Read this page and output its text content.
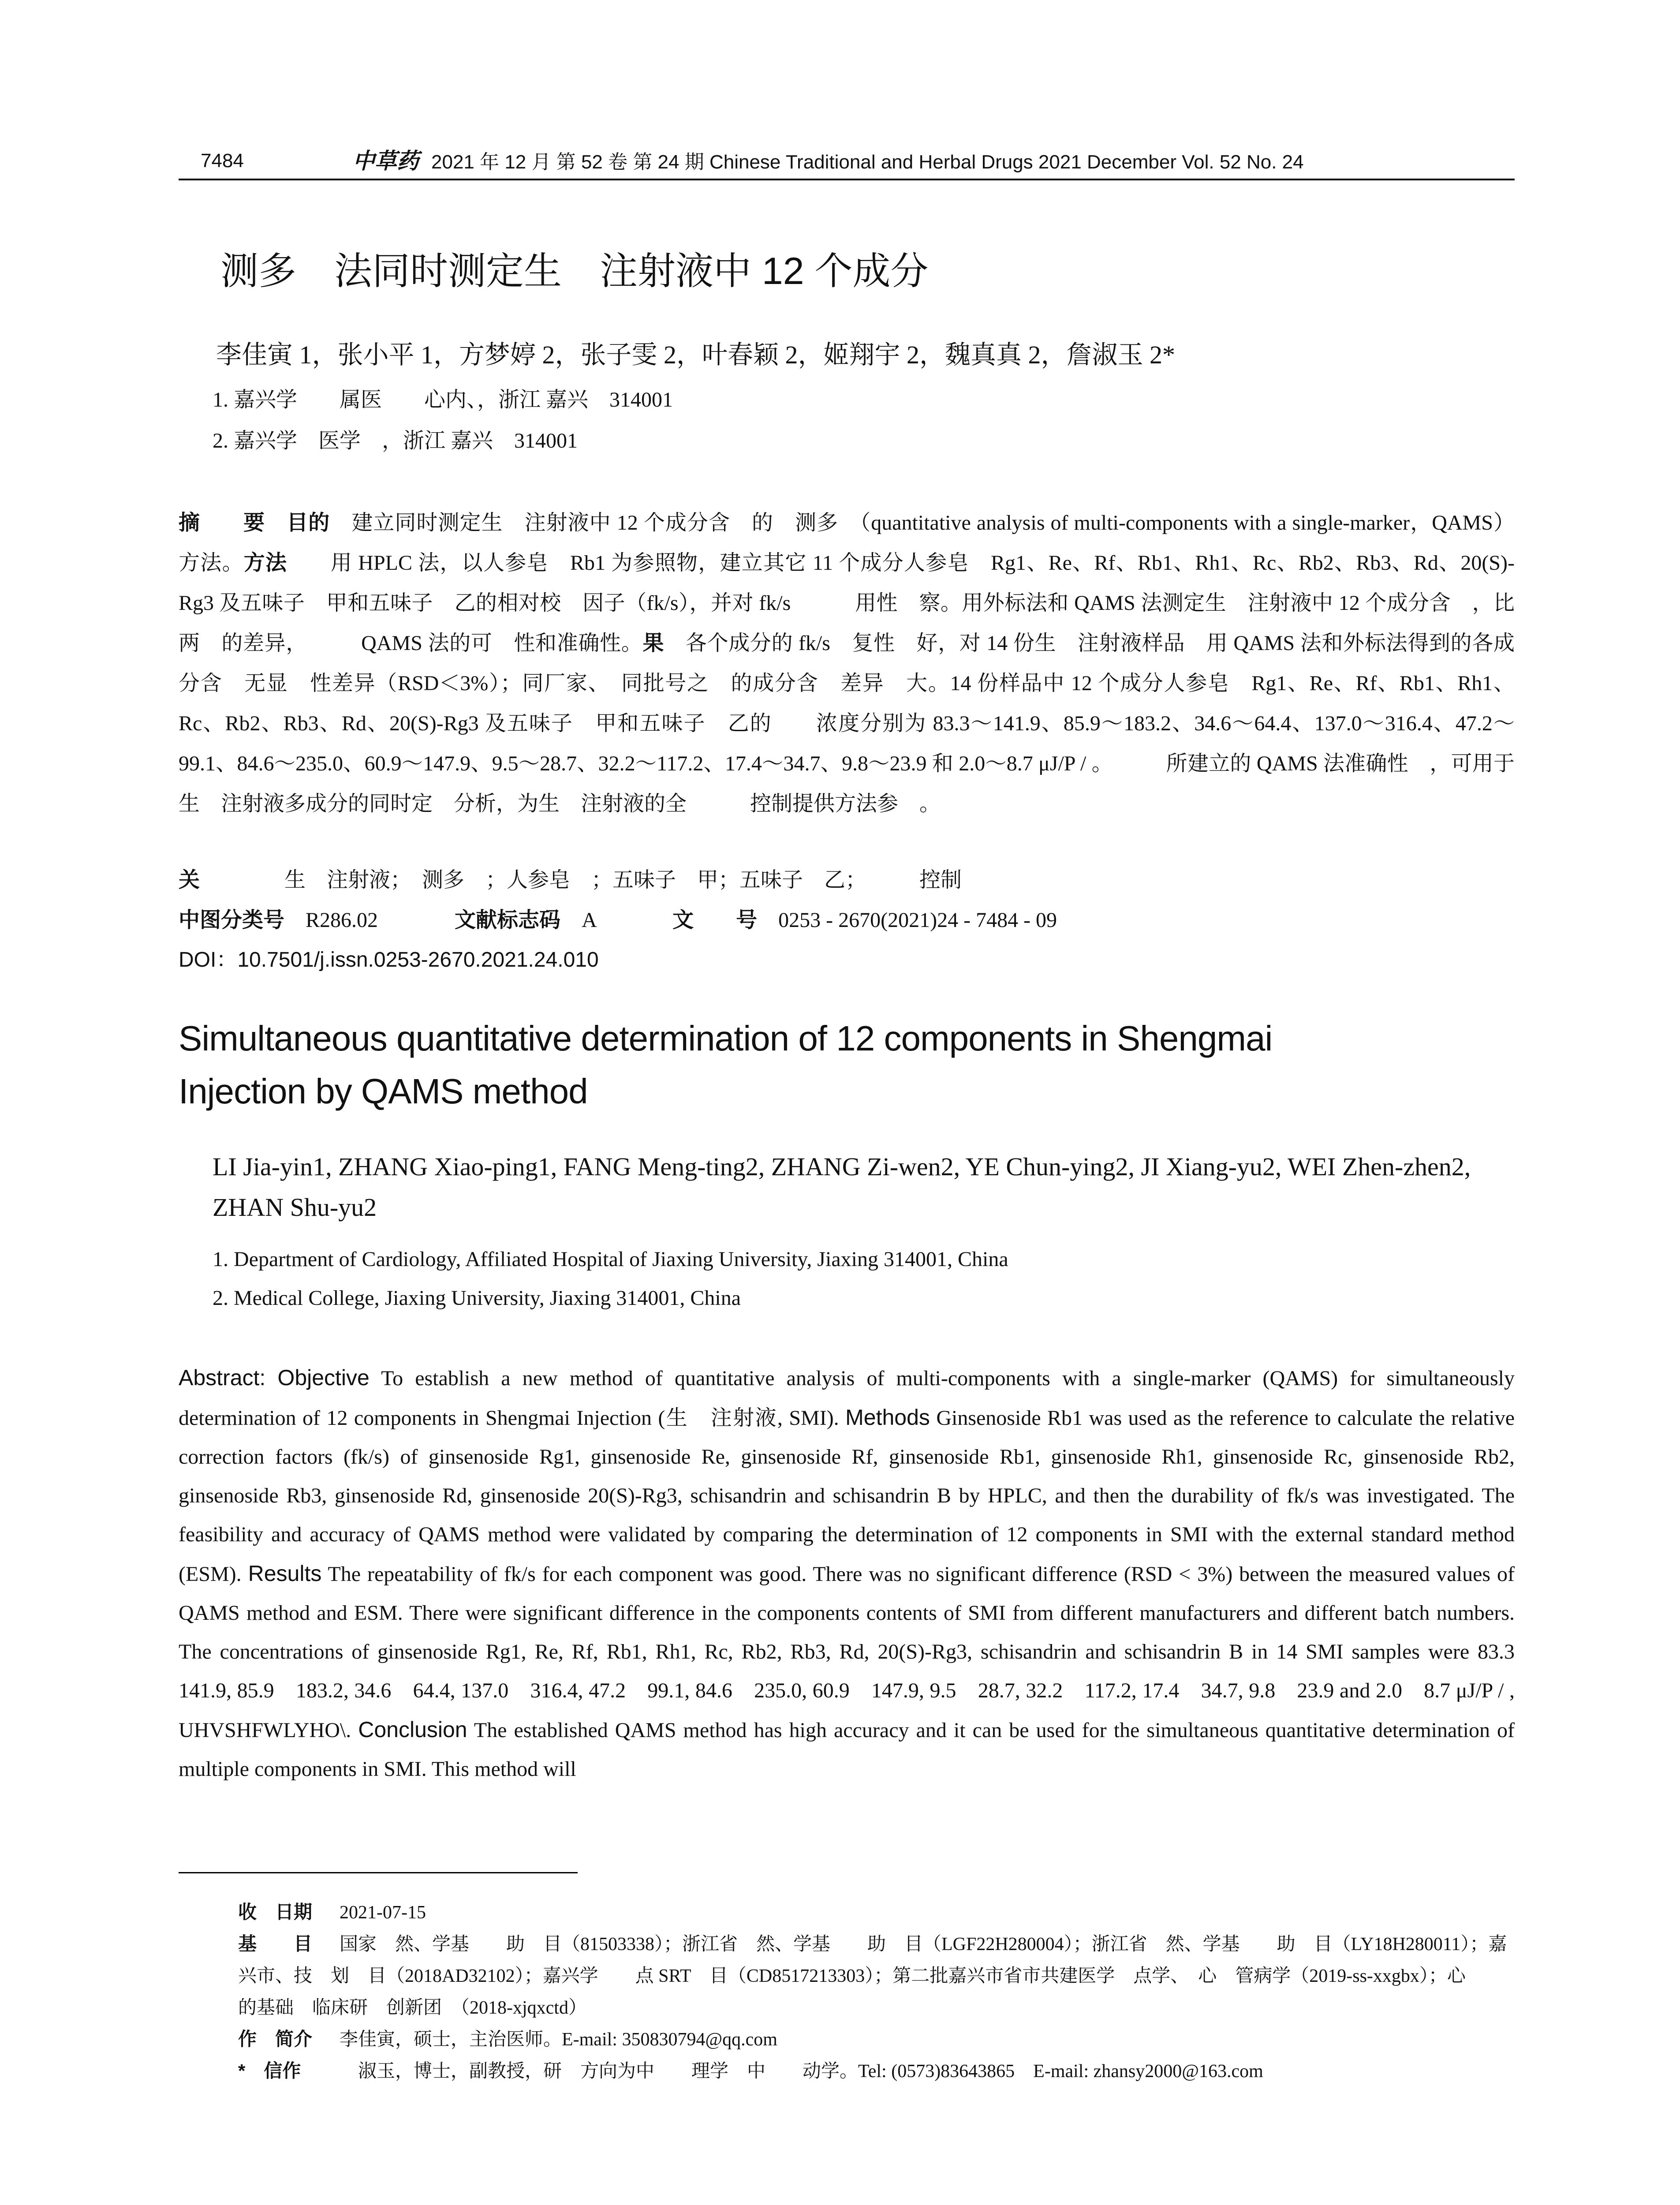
7484	中草药 2021 年 12 月 第 52 卷 第 24 期 Chinese Traditional and Herbal Drugs 2021 December Vol. 52 No. 24
测多　法同时测定生　注射液中 12 个成分
李佳寅 1，张小平 1，方梦婷 2，张子雯 2，叶春颖 2，姬翔宇 2，魏真真 2，詹淑玉 2*
1. 嘉兴学　　属医　　心内、，浙江 嘉兴　314001
2. 嘉兴学　医学　，浙江 嘉兴　314001
摘　　要　 目的　建立同时测定生　注射液中 12 个成分含　的　测多　（quantitative analysis of multi-components with a single-marker，QAMS）方法。方法　　用 HPLC 法，以人参皂　Rb1 为参照物，建立其它 11 个成分人参皂　Rg1、Re、Rf、Rb1、Rh1、Rc、Rb2、Rb3、Rd、20(S)-Rg3 及五味子　甲和五味子　乙的相对校　因子（fk/s），并对 fk/s　　　用性　察。用外标法和 QAMS 法测定生　注射液中 12 个成分含　，比　两　的差异，　　　QAMS 法的可　性和准确性。果　各个成分的 fk/s　复性　好，对 14 份生　注射液样品　用 QAMS 法和外标法得到的各成分含　无显　性差异（RSD＜3%）；同厂家、　同批号之　的成分含　差异　大。14 份样品中 12 个成分人参皂　Rg1、Re、Rf、Rb1、Rh1、Rc、Rb2、Rb3、Rd、20(S)-Rg3 及五味子　甲和五味子　乙的　　浓度分别为 83.3～141.9、85.9～183.2、34.6～64.4、137.0～316.4、47.2～99.1、84.6～235.0、60.9～147.9、9.5～28.7、32.2～117.2、17.4～34.7、9.8～23.9 和 2.0～8.7 μJ/P / 。　　　所建立的 QAMS 法准确性　，可用于生　注射液多成分的同时定　分析，为生　注射液的全　　　控制提供方法参　。
关　　　　生　注射液；　测多　；人参皂　；五味子　甲；五味子　乙；　　　控制
中图分类号　 R286.02	文献标志码　 A	文　　号　 0253 - 2670(2021)24 - 7484 - 09
DOI：10.7501/j.issn.0253-2670.2021.24.010
Simultaneous quantitative determination of 12 components in Shengmai
Injection by QAMS method
LI Jia-yin1, ZHANG Xiao-ping1, FANG Meng-ting2, ZHANG Zi-wen2, YE Chun-ying2, JI Xiang-yu2, WEI Zhen-zhen2, ZHAN Shu-yu2
1. Department of Cardiology, Affiliated Hospital of Jiaxing University, Jiaxing 314001, China
2. Medical College, Jiaxing University, Jiaxing 314001, China
Abstract: Objective To establish a new method of quantitative analysis of multi-components with a single-marker (QAMS) for simultaneously determination of 12 components in Shengmai Injection (生　注射液, SMI). Methods Ginsenoside Rb1 was used as the reference to calculate the relative correction factors (fk/s) of ginsenoside Rg1, ginsenoside Re, ginsenoside Rf, ginsenoside Rb1, ginsenoside Rh1, ginsenoside Rc, ginsenoside Rb2, ginsenoside Rb3, ginsenoside Rd, ginsenoside 20(S)-Rg3, schisandrin and schisandrin B by HPLC, and then the durability of fk/s was investigated. The feasibility and accuracy of QAMS method were validated by comparing the determination of 12 components in SMI with the external standard method (ESM). Results The repeatability of fk/s for each component was good. There was no significant difference (RSD < 3%) between the measured values of QAMS method and ESM. There were significant difference in the components contents of SMI from different manufacturers and different batch numbers. The concentrations of ginsenoside Rg1, Re, Rf, Rb1, Rh1, Rc, Rb2, Rb3, Rd, 20(S)-Rg3, schisandrin and schisandrin B in 14 SMI samples were 83.3　141.9, 85.9　183.2, 34.6　64.4, 137.0　316.4, 47.2　99.1, 84.6　235.0, 60.9　147.9, 9.5　28.7, 32.2　117.2, 17.4　34.7, 9.8　23.9 and 2.0　8.7 μJ/P / , UHVSHFWLYHO\. Conclusion The established QAMS method has high accuracy and it can be used for the simultaneous quantitative determination of multiple components in SMI. This method will
收　日期 2021-07-15
基　　目 国家　然、学基　　助　目（81503338）；浙江省　然、学基　　助　目（LGF22H280004）；浙江省　然、学基　　助　目（LY18H280011）；嘉兴市、技　划　目（2018AD32102）；嘉兴学　　点 SRT　目（CD8517213303）；第二批嘉兴市省市共建医学　点学、　心　管病学（2019-ss-xxgbx）；心　　　的基础　临床研　创新团　（2018-xjqxctd）
作　简介 李佳寅，硕士，主治医师。E-mail: 350830794@qq.com
*　信作　淑玉，博士，副教授，研　方向为中　　理学　中　　动学。Tel: (0573)83643865　E-mail: zhansy2000@163.com
